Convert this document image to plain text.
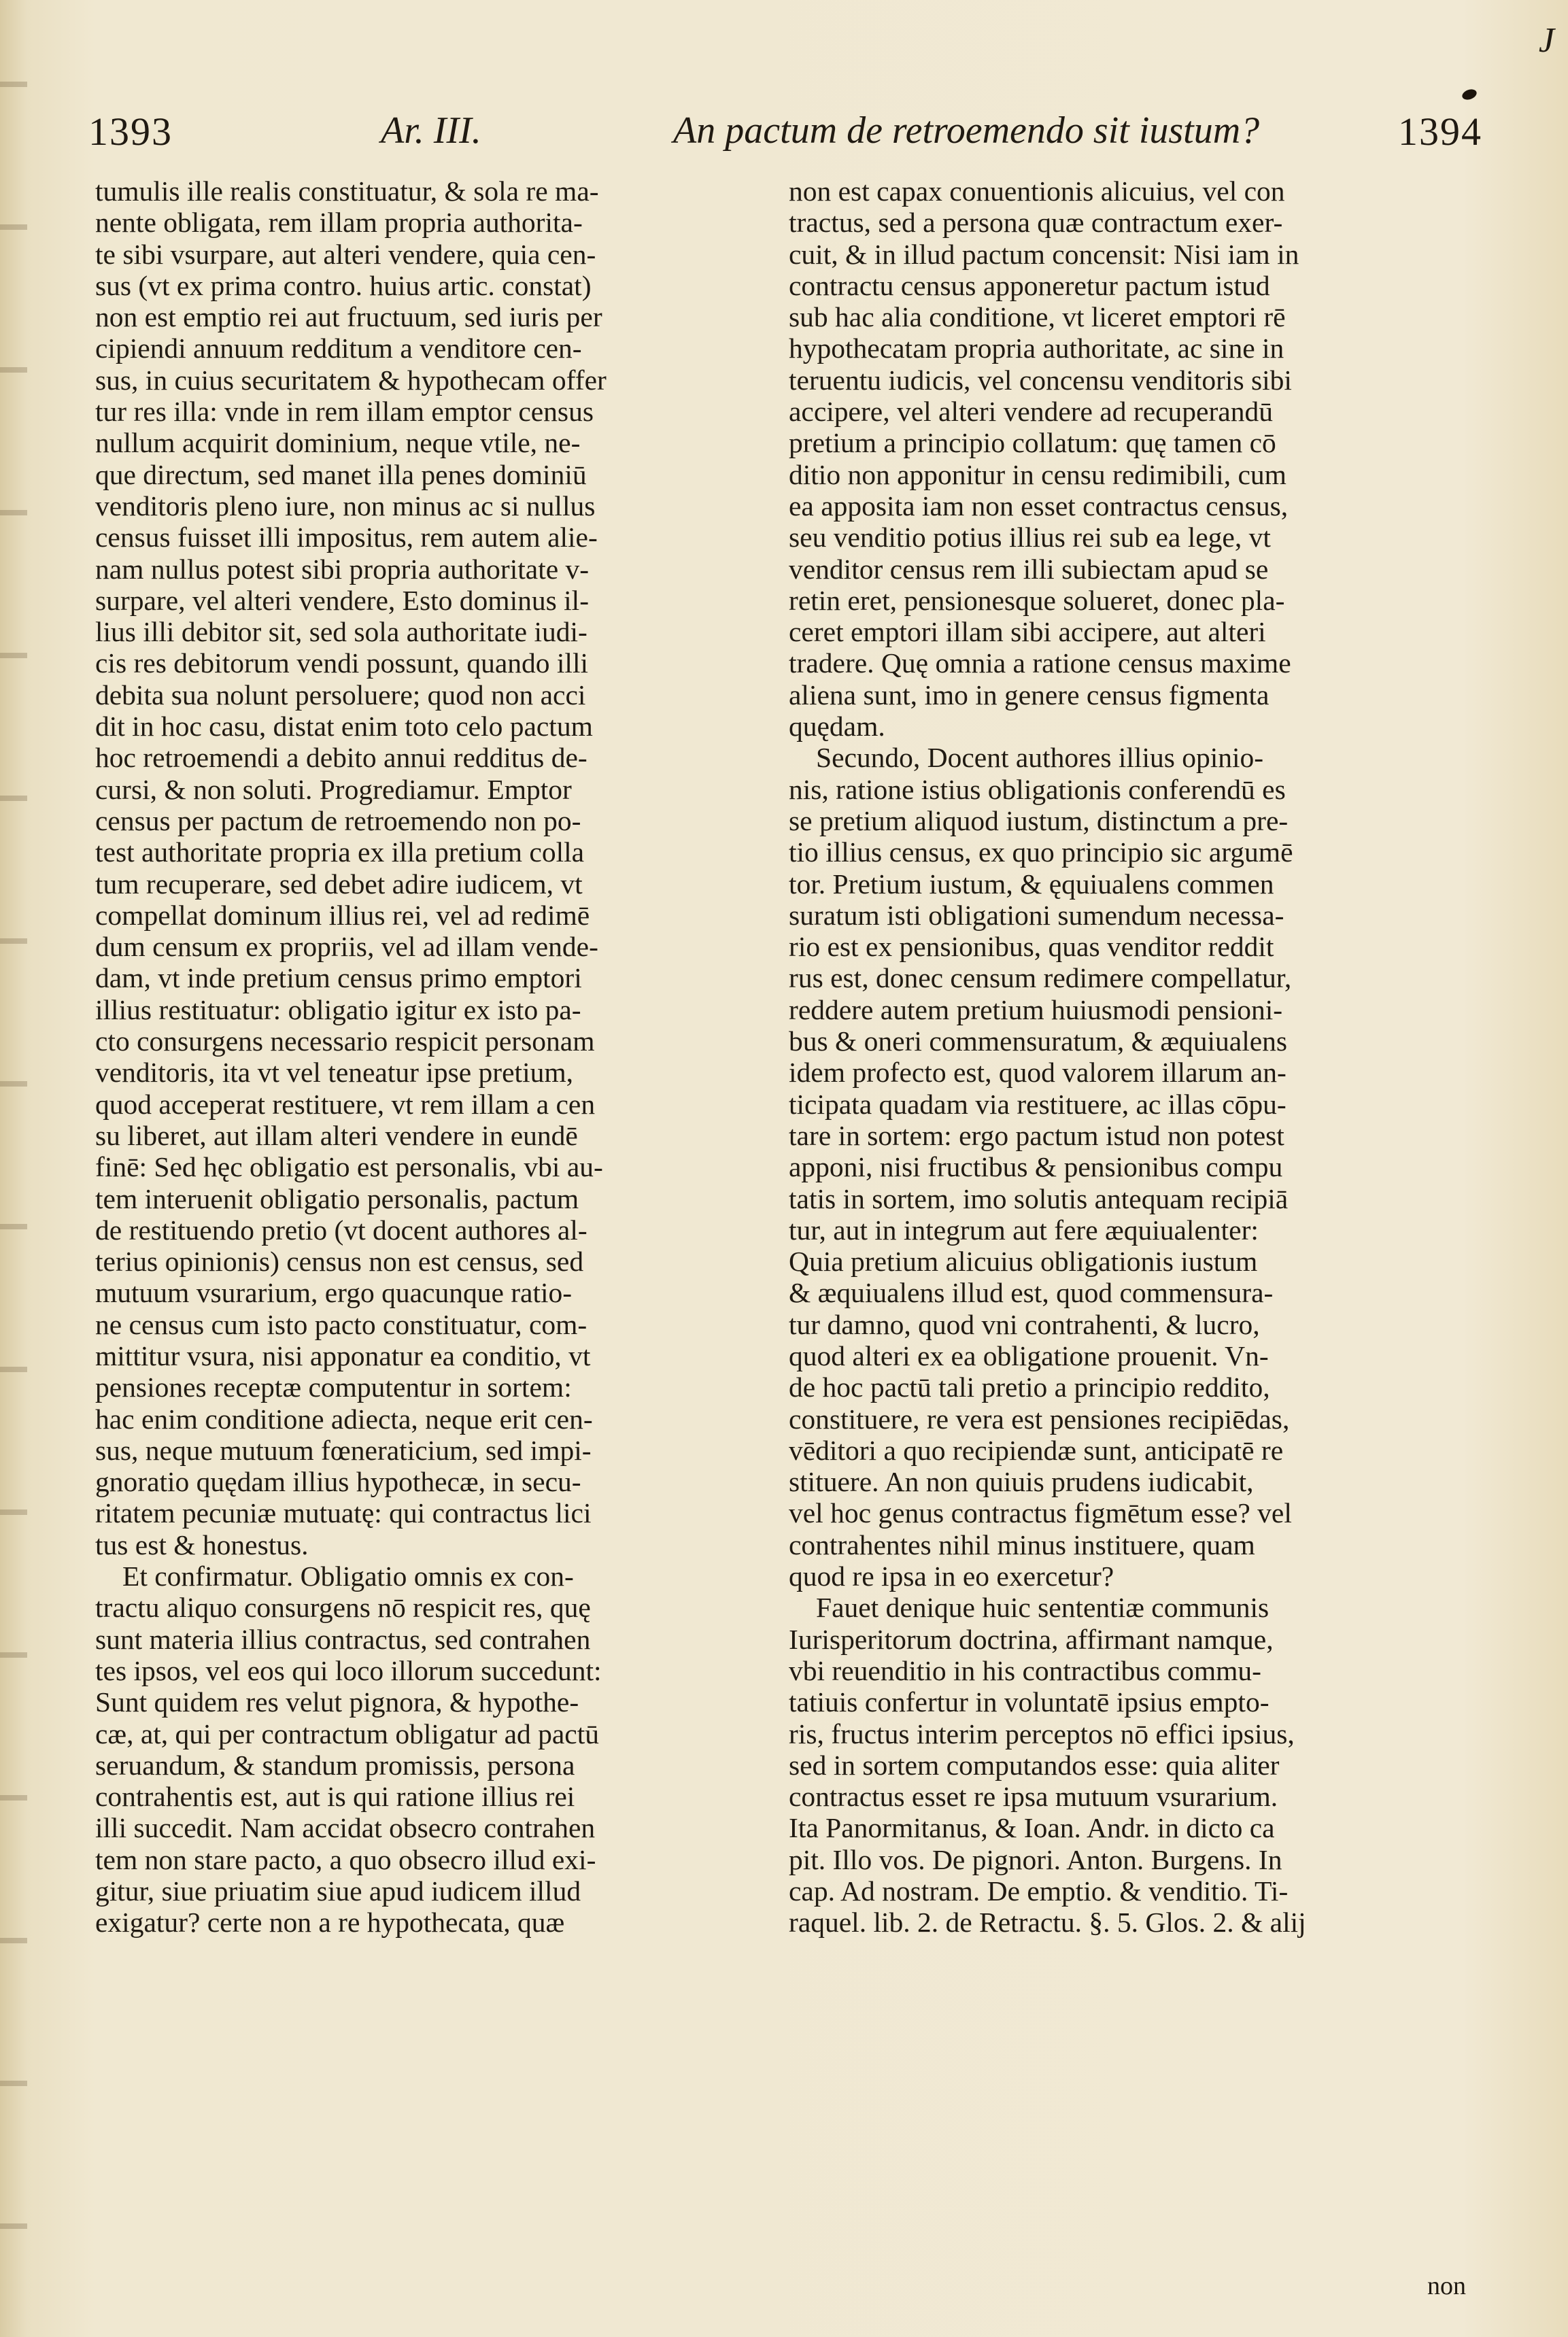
J
1393	Ar. III.	An pactum de retroemendo sit iustum?	1394
tumulis ille realis constituatur, & sola re ma-
nente obligata, rem illam propria authorita-
te sibi vsurpare, aut alteri vendere, quia cen-
sus (vt ex prima contro. huius artic. constat)
non est emptio rei aut fructuum, sed iuris per
cipiendi annuum redditum a venditore cen-
sus, in cuius securitatem & hypothecam offer
tur res illa: vnde in rem illam emptor census
nullum acquirit dominium, neque vtile, ne-
que directum, sed manet illa penes dominiū
venditoris pleno iure, non minus ac si nullus
census fuisset illi impositus, rem autem alie-
nam nullus potest sibi propria authoritate v-
surpare, vel alteri vendere, Esto dominus il-
lius illi debitor sit, sed sola authoritate iudi-
cis res debitorum vendi possunt, quando illi
debita sua nolunt persoluere; quod non acci
dit in hoc casu, distat enim toto celo pactum
hoc retroemendi a debito annui redditus de-
cursi, & non soluti. Progrediamur. Emptor
census per pactum de retroemendo non po-
test authoritate propria ex illa pretium colla
tum recuperare, sed debet adire iudicem, vt
compellat dominum illius rei, vel ad redimē
dum censum ex propriis, vel ad illam vende-
dam, vt inde pretium census primo emptori
illius restituatur: obligatio igitur ex isto pa-
cto consurgens necessario respicit personam
venditoris, ita vt vel teneatur ipse pretium,
quod acceperat restituere, vt rem illam a cen
su liberet, aut illam alteri vendere in eundē
finē: Sed hęc obligatio est personalis, vbi au-
tem interuenit obligatio personalis, pactum
de restituendo pretio (vt docent authores al-
terius opinionis) census non est census, sed
mutuum vsurarium, ergo quacunque ratio-
ne census cum isto pacto constituatur, com-
mittitur vsura, nisi apponatur ea conditio, vt
pensiones receptæ computentur in sortem:
hac enim conditione adiecta, neque erit cen-
sus, neque mutuum fœneraticium, sed impi-
gnoratio quędam illius hypothecæ, in secu-
ritatem pecuniæ mutuatę: qui contractus lici
tus est & honestus.
Et confirmatur. Obligatio omnis ex con-
tractu aliquo consurgens nō respicit res, quę
sunt materia illius contractus, sed contrahen
tes ipsos, vel eos qui loco illorum succedunt:
Sunt quidem res velut pignora, & hypothe-
cæ, at, qui per contractum obligatur ad pactū
seruandum, & standum promissis, persona
contrahentis est, aut is qui ratione illius rei
illi succedit. Nam accidat obsecro contrahen
tem non stare pacto, a quo obsecro illud exi-
gitur, siue priuatim siue apud iudicem illud
exigatur? certe non a re hypothecata, quæ
non est capax conuentionis alicuius, vel con
tractus, sed a persona quæ contractum exer-
cuit, & in illud pactum concensit: Nisi iam in
contractu census apponeretur pactum istud
sub hac alia conditione, vt liceret emptori rē
hypothecatam propria authoritate, ac sine in
teruentu iudicis, vel concensu venditoris sibi
accipere, vel alteri vendere ad recuperandū
pretium a principio collatum: quę tamen cō
ditio non apponitur in censu redimibili, cum
ea apposita iam non esset contractus census,
seu venditio potius illius rei sub ea lege, vt
venditor census rem illi subiectam apud se
retin eret, pensionesque solueret, donec pla-
ceret emptori illam sibi accipere, aut alteri
tradere. Quę omnia a ratione census maxime
aliena sunt, imo in genere census figmenta
quędam.
Secundo, Docent authores illius opinio-
nis, ratione istius obligationis conferendū es
se pretium aliquod iustum, distinctum a pre-
tio illius census, ex quo principio sic argumē
tor. Pretium iustum, & ęquiualens commen
suratum isti obligationi sumendum necessa-
rio est ex pensionibus, quas venditor reddit
rus est, donec censum redimere compellatur,
reddere autem pretium huiusmodi pensioni-
bus & oneri commensuratum, & æquiualens
idem profecto est, quod valorem illarum an-
ticipata quadam via restituere, ac illas cōpu-
tare in sortem: ergo pactum istud non potest
apponi, nisi fructibus & pensionibus compu
tatis in sortem, imo solutis antequam recipiā
tur, aut in integrum aut fere æquiualenter:
Quia pretium alicuius obligationis iustum
& æquiualens illud est, quod commensura-
tur damno, quod vni contrahenti, & lucro,
quod alteri ex ea obligatione prouenit. Vn-
de hoc pactū tali pretio a principio reddito,
constituere, re vera est pensiones recipiēdas,
vēditori a quo recipiendæ sunt, anticipatē re
stituere. An non quiuis prudens iudicabit,
vel hoc genus contractus figmētum esse? vel
contrahentes nihil minus instituere, quam
quod re ipsa in eo exercetur?
Fauet denique huic sententiæ communis
Iurisperitorum doctrina, affirmant namque,
vbi reuenditio in his contractibus commu-
tatiuis confertur in voluntatē ipsius empto-
ris, fructus interim perceptos nō effici ipsius,
sed in sortem computandos esse: quia aliter
contractus esset re ipsa mutuum vsurarium.
Ita Panormitanus, & Ioan. Andr. in dicto ca
pit. Illo vos. De pignori. Anton. Burgens. In
cap. Ad nostram. De emptio. & venditio. Ti-
raquel. lib. 2. de Retractu. §. 5. Glos. 2. & alij
non
